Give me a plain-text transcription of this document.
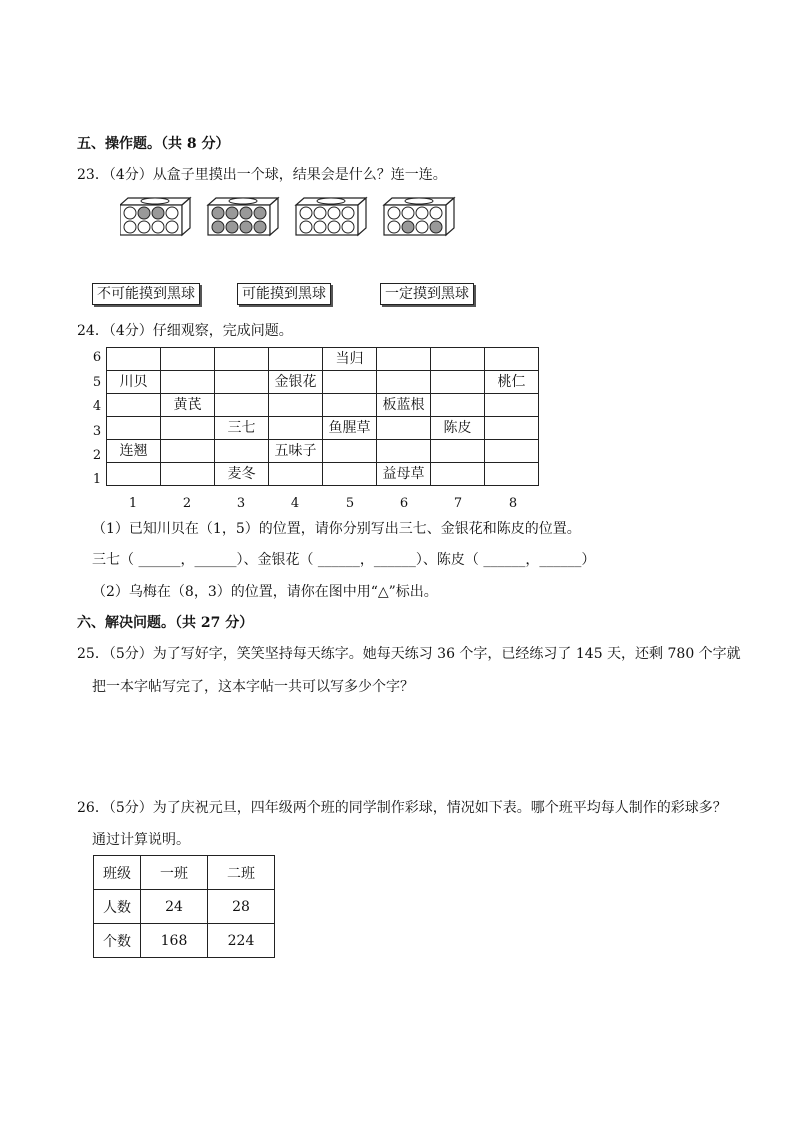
五、操作题。（共 8 分）
23．（4分）从盒子里摸出一个球，结果会是什么？连一连。
不可能摸到黑球	可能摸到黑球	一定摸到黑球
24．（4分）仔细观察，完成问题。
6
5
4
3
2
1
				当归			
川贝			金银花				桃仁
	黄芪				板蓝根		
		三七		鱼腥草		陈皮	
连翘			五味子				
		麦冬			益母草		
1	2	3	4	5	6	7	8
（1）已知川贝在（1，5）的位置，请你分别写出三七、金银花和陈皮的位置。
三七（ ______，______）、金银花（ ______，______）、陈皮（ ______，______）
（2）乌梅在（8，3）的位置，请你在图中用“△”标出。
六、解决问题。（共 27 分）
25．（5分）为了写好字，笑笑坚持每天练字。她每天练习 36 个字，已经练习了 145 天，还剩 780 个字就
把一本字帖写完了，这本字帖一共可以写多少个字？
26．（5分）为了庆祝元旦，四年级两个班的同学制作彩球，情况如下表。哪个班平均每人制作的彩球多？
通过计算说明。
班级	一班	二班
人数	24	28
个数	168	224
